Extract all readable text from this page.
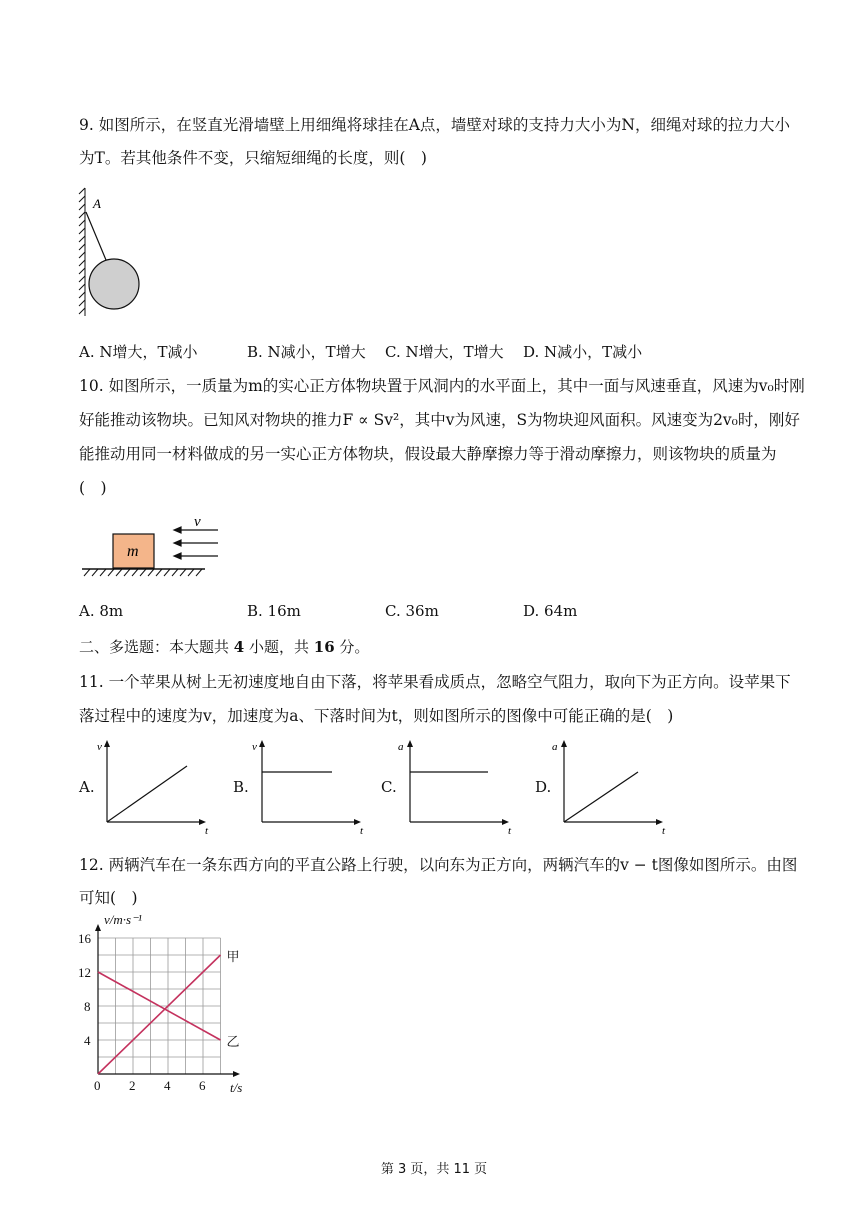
9. 如图所示，在竖直光滑墙壁上用细绳将球挂在A点，墙壁对球的支持力大小为N，细绳对球的拉力大小
为T。若其他条件不变，只缩短细绳的长度，则(　)
A
A. N增大，T减小	B. N减小，T增大 C. N增大，T增大 D. N减小，T减小
10. 如图所示，一质量为m的实心正方体物块置于风洞内的水平面上，其中一面与风速垂直，风速为v₀时刚
好能推动该物块。已知风对物块的推力F ∝ Sv²，其中v为风速，S为物块迎风面积。风速变为2v₀时，刚好
能推动用同一材料做成的另一实心正方体物块，假设最大静摩擦力等于滑动摩擦力，则该物块的质量为
(　)
m
v
A. 8m	B. 16m	C. 36m	D. 64m
二、多选题：本大题共 4 小题，共 16 分。
11. 一个苹果从树上无初速度地自由下落，将苹果看成质点，忽略空气阻力，取向下为正方向。设苹果下
落过程中的速度为v，加速度为a、下落时间为t，则如图所示的图像中可能正确的是(　)
A.
v
t
B.
v
t
C.
a
t
D.
a
t
12. 两辆汽车在一条东西方向的平直公路上行驶，以向东为正方向，两辆汽车的v − t图像如图所示。由图
可知(　)
甲
乙
0 2 4 6
4
8
12
16
t/s
v/m·s⁻¹
第 3 页，共 11 页
